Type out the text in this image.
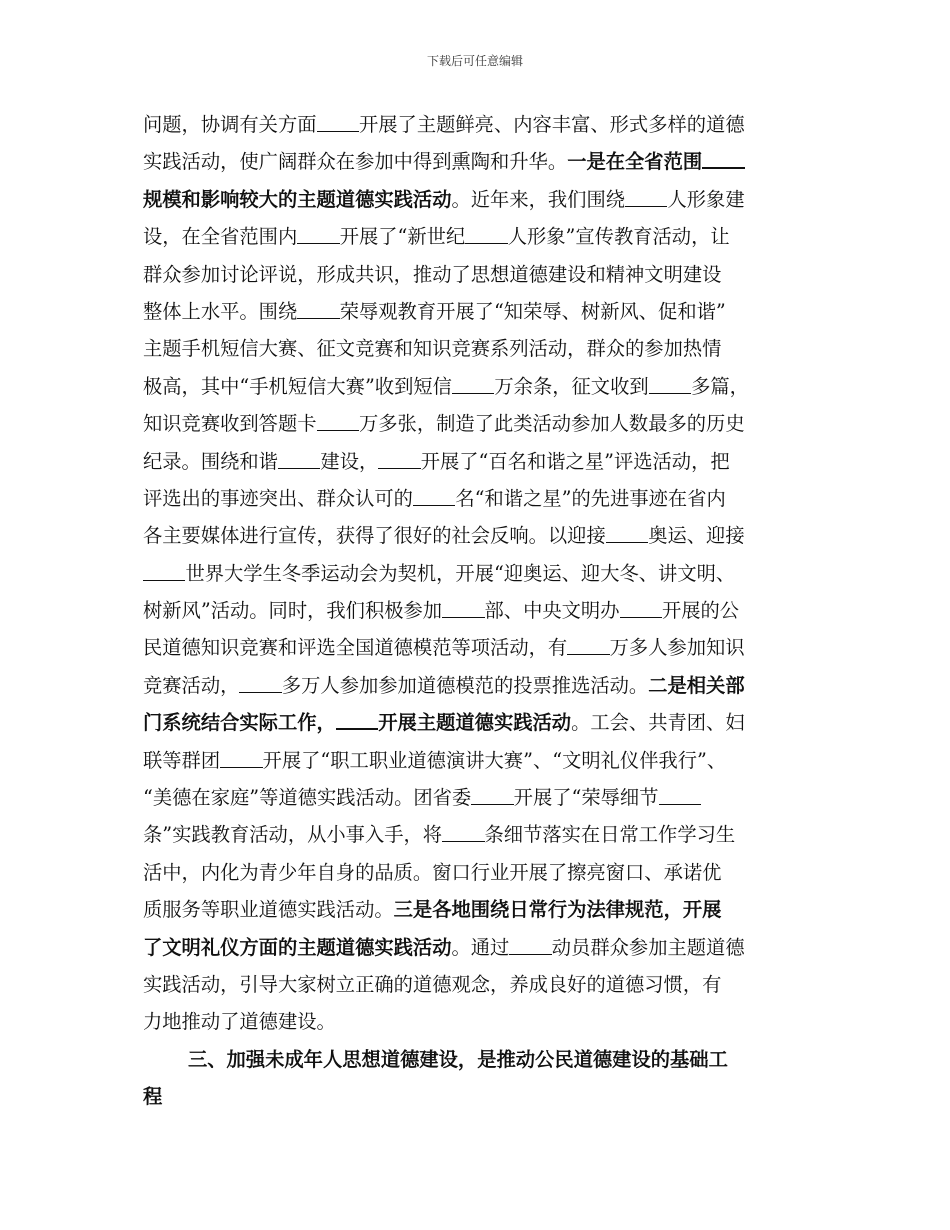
下载后可任意编辑
问题，协调有关方面 开展了主题鲜亮、内容丰富、形式多样的道德
实践活动，使广阔群众在参加中得到熏陶和升华。一是在全省范围
规模和影响较大的主题道德实践活动。近年来，我们围绕 人形象建
设，在全省范围内 开展了“新世纪 人形象”宣传教育活动，让
群众参加讨论评说，形成共识，推动了思想道德建设和精神文明建设
整体上水平。围绕 荣辱观教育开展了“知荣辱、树新风、促和谐”
主题手机短信大赛、征文竞赛和知识竞赛系列活动，群众的参加热情
极高，其中“手机短信大赛”收到短信 万余条，征文收到 多篇，
知识竞赛收到答题卡 万多张，制造了此类活动参加人数最多的历史
纪录。围绕和谐 建设， 开展了“百名和谐之星”评选活动，把
评选出的事迹突出、群众认可的 名“和谐之星”的先进事迹在省内
各主要媒体进行宣传，获得了很好的社会反响。以迎接 奥运、迎接
世界大学生冬季运动会为契机，开展“迎奥运、迎大冬、讲文明、
树新风”活动。同时，我们积极参加 部、中央文明办 开展的公
民道德知识竞赛和评选全国道德模范等项活动，有 万多人参加知识
竞赛活动， 多万人参加参加道德模范的投票推选活动。二是相关部
门系统结合实际工作， 开展主题道德实践活动。工会、共青团、妇
联等群团 开展了“职工职业道德演讲大赛”、“文明礼仪伴我行”、
“美德在家庭”等道德实践活动。团省委 开展了“荣辱细节
条”实践教育活动，从小事入手，将 条细节落实在日常工作学习生
活中，内化为青少年自身的品质。窗口行业开展了擦亮窗口、承诺优
质服务等职业道德实践活动。三是各地围绕日常行为法律规范，开展
了文明礼仪方面的主题道德实践活动。通过 动员群众参加主题道德
实践活动，引导大家树立正确的道德观念，养成良好的道德习惯，有
力地推动了道德建设。
三、加强未成年人思想道德建设，是推动公民道德建设的基础工
程
